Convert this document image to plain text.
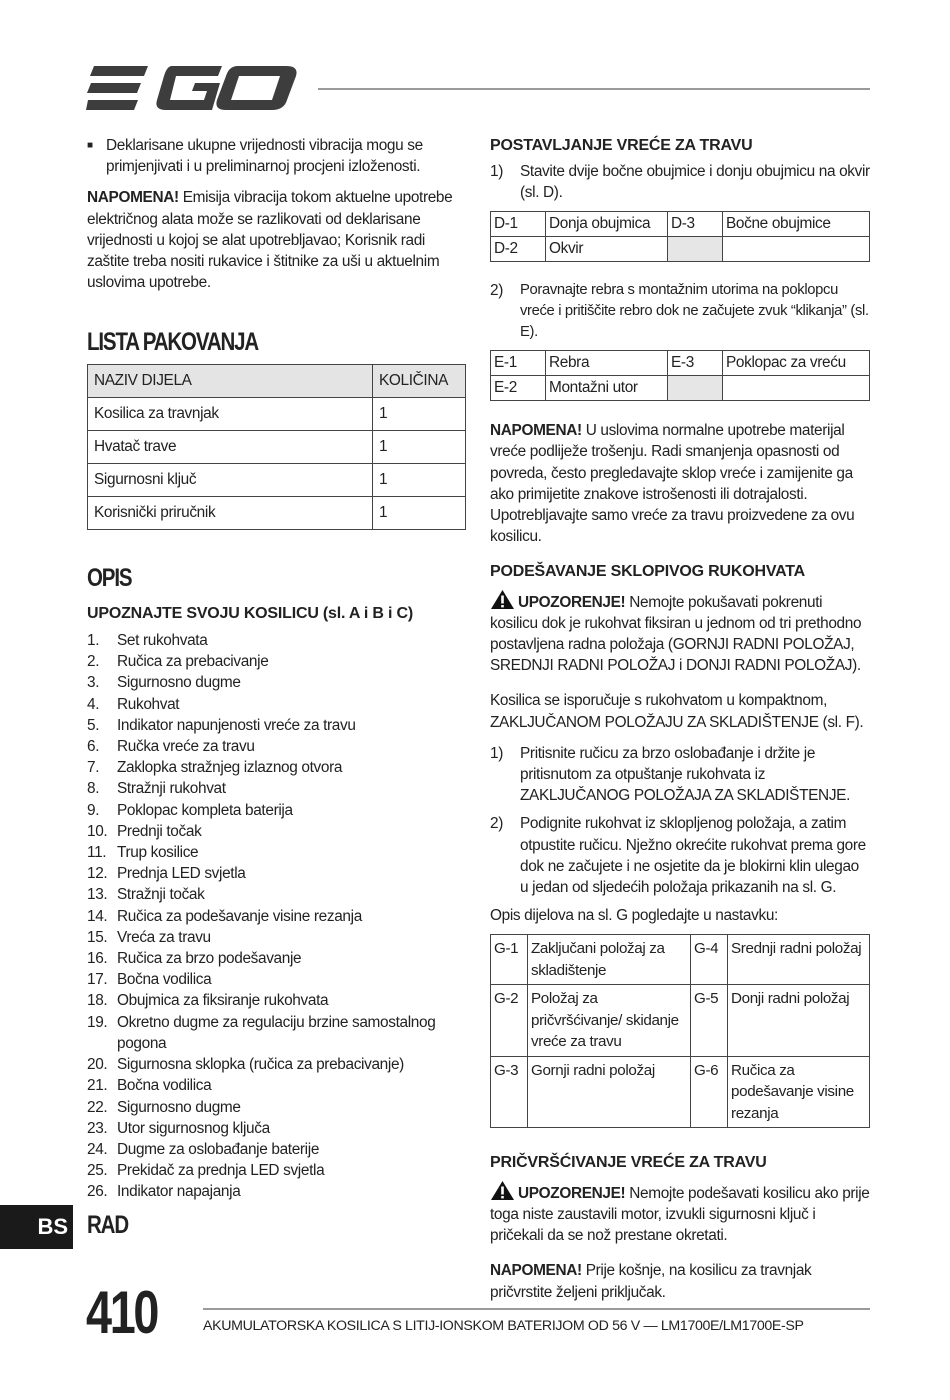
■ Deklarisane ukupne vrijednosti vibracija mogu se primjenjivati i u preliminarnoj procjeni izloženosti.

NAPOMENA! Emisija vibracija tokom aktuelne upotrebe električnog alata može se razlikovati od deklarisane vrijednosti u kojoj se alat upotrebljavao; Korisnik radi zaštite treba nositi rukavice i štitnike za uši u aktuelnim uslovima upotrebe.

LISTA PAKOVANJA
NAZIV DIJELA	KOLIČINA
Kosilica za travnjak	1
Hvatač trave	1
Sigurnosni ključ	1
Korisnički priručnik	1
OPIS
UPOZNAJTE SVOJU KOSILICU (sl. A i B i C)
1.	Set rukohvata
2.	Ručica za prebacivanje
3.	Sigurnosno dugme
4.	Rukohvat
5.	Indikator napunjenosti vreće za travu
6.	Ručka vreće za travu
7.	Zaklopka stražnjeg izlaznog otvora
8.	Stražnji rukohvat
9.	Poklopac kompleta baterija
10. Prednji točak
11. Trup kosilice
12. Prednja LED svjetla
13. Stražnji točak
14. Ručica za podešavanje visine rezanja
15. Vreća za travu
16. Ručica za brzo podešavanje
17. Bočna vodilica
18. Obujmica za fiksiranje rukohvata
19. Okretno dugme za regulaciju brzine samostalnog pogona
20. Sigurnosna sklopka (ručica za prebacivanje)
21. Bočna vodilica
22. Sigurnosno dugme
23. Utor sigurnosnog ključa
24. Dugme za oslobađanje baterije
25. Prekidač za prednja LED svjetla
26. Indikator napajanja
RAD
POSTAVLJANJE VREĆE ZA TRAVU
1)	Stavite dvije bočne obujmice i donju obujmicu na okvir (sl. D).
D-1	Donja obujmica	D-3	Bočne obujmice
D-2	Okvir		
2)	Poravnajte rebra s montažnim utorima na poklopcu vreće i pritiščite rebro dok ne začujete zvuk “klikanja” (sl. E).
E-1	Rebra	E-3	Poklopac za vreću
E-2	Montažni utor		

NAPOMENA! U uslovima normalne upotrebe materijal vreće podliježe trošenju. Radi smanjenja opasnosti od povreda, često pregledavajte sklop vreće i zamijenite ga ako primijetite znakove istrošenosti ili dotrajalosti. Upotrebljavajte samo vreće za travu proizvedene za ovu kosilicu.

PODEŠAVANJE SKLOPIVOG RUKOHVATA

UPOZORENJE! Nemojte pokušavati pokrenuti kosilicu dok je rukohvat fiksiran u jednom od tri prethodno postavljena radna položaja (GORNJI RADNI POLOŽAJ, SREDNJI RADNI POLOŽAJ i DONJI RADNI POLOŽAJ).

Kosilica se isporučuje s rukohvatom u kompaktnom, ZAKLJUČANOM POLOŽAJU ZA SKLADIŠTENJE (sl. F).

1)	Pritisnite ručicu za brzo oslobađanje i držite je pritisnutom za otpuštanje rukohvata iz ZAKLJUČANOG POLOŽAJA ZA SKLADIŠTENJE.
2)	Podignite rukohvat iz sklopljenog položaja, a zatim otpustite ručicu. Nježno okrećite rukohvat prema gore dok ne začujete i ne osjetite da je blokirni klin ulegao u jedan od sljedećih položaja prikazanih na sl. G.

Opis dijelova na sl. G pogledajte u nastavku:

G-1	Zaključani položaj za skladištenje	G-4	Srednji radni položaj
G-2	Položaj za pričvršćivanje/ skidanje vreće za travu	G-5	Donji radni položaj
G-3	Gornji radni položaj	G-6	Ručica za podešavanje visine rezanja
PRIČVRŠĆIVANJE VREĆE ZA TRAVU

UPOZORENJE! Nemojte podešavati kosilicu ako prije toga niste zaustavili motor, izvukli sigurnosni ključ i pričekali da se nož prestane okretati.

NAPOMENA! Prije košnje, na kosilicu za travnjak pričvrstite željeni priključak.

BS
410	AKUMULATORSKA KOSILICA S LITIJ-IONSKOM BATERIJOM OD 56 V — LM1700E/LM1700E-SP
